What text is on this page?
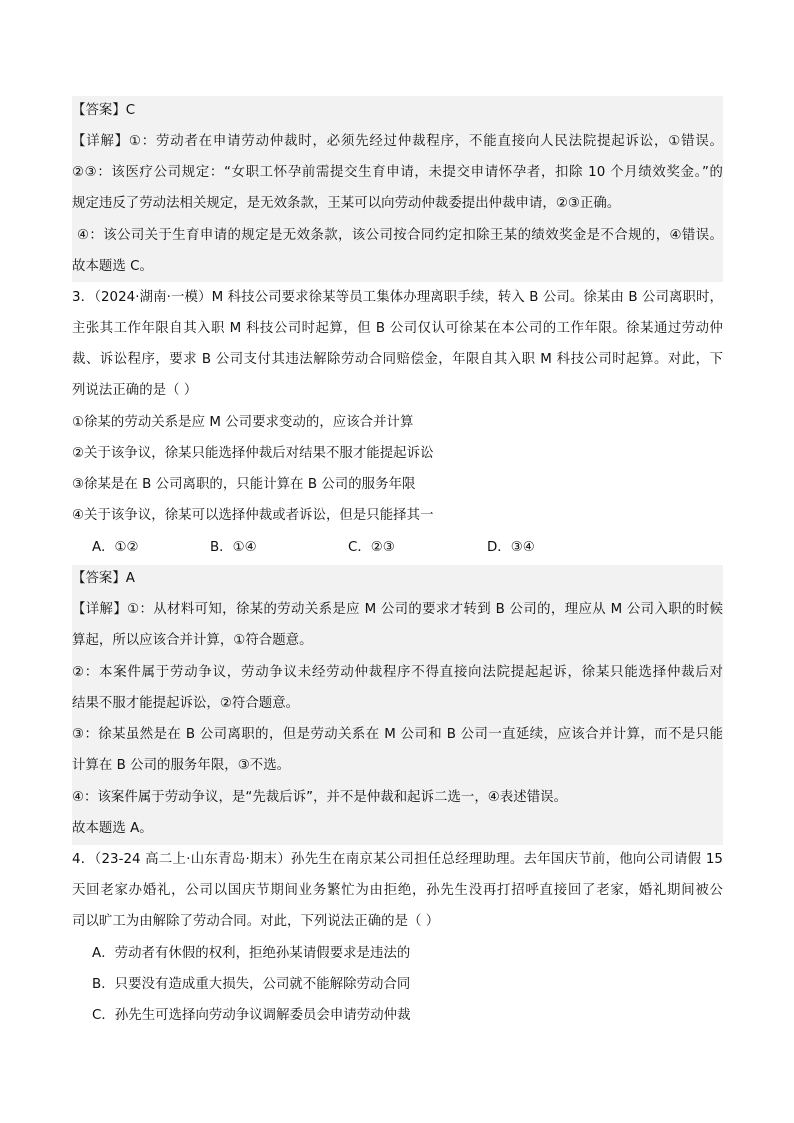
【答案】C
【详解】①：劳动者在申请劳动仲裁时，必须先经过仲裁程序，不能直接向人民法院提起诉讼，①错误。
②③：该医疗公司规定：“女职工怀孕前需提交生育申请，未提交申请怀孕者，扣除 10 个月绩效奖金。”的
规定违反了劳动法相关规定，是无效条款，王某可以向劳动仲裁委提出仲裁申请，②③正确。
④：该公司关于生育申请的规定是无效条款，该公司按合同约定扣除王某的绩效奖金是不合规的，④错误。
故本题选 C。
3．（2024·湖南·一模）M 科技公司要求徐某等员工集体办理离职手续，转入 B 公司。徐某由 B 公司离职时，
主张其工作年限自其入职 M 科技公司时起算，但 B 公司仅认可徐某在本公司的工作年限。徐某通过劳动仲
裁、诉讼程序，要求 B 公司支付其违法解除劳动合同赔偿金，年限自其入职 M 科技公司时起算。对此，下
列说法正确的是（ ）
①徐某的劳动关系是应 M 公司要求变动的，应该合并计算
②关于该争议，徐某只能选择仲裁后对结果不服才能提起诉讼
③徐某是在 B 公司离职的，只能计算在 B 公司的服务年限
④关于该争议，徐某可以选择仲裁或者诉讼，但是只能择其一
A．①②	B．①④	C．②③	D．③④
【答案】A
【详解】①：从材料可知，徐某的劳动关系是应 M 公司的要求才转到 B 公司的，理应从 M 公司入职的时候
算起，所以应该合并计算，①符合题意。
②：本案件属于劳动争议，劳动争议未经劳动仲裁程序不得直接向法院提起起诉，徐某只能选择仲裁后对
结果不服才能提起诉讼，②符合题意。
③：徐某虽然是在 B 公司离职的，但是劳动关系在 M 公司和 B 公司一直延续，应该合并计算，而不是只能
计算在 B 公司的服务年限，③不选。
④：该案件属于劳动争议，是“先裁后诉”，并不是仲裁和起诉二选一，④表述错误。
故本题选 A。
4．（23-24 高二上·山东青岛·期末）孙先生在南京某公司担任总经理助理。去年国庆节前，他向公司请假 15
天回老家办婚礼，公司以国庆节期间业务繁忙为由拒绝，孙先生没再打招呼直接回了老家，婚礼期间被公
司以旷工为由解除了劳动合同。对此，下列说法正确的是（ ）
A．劳动者有休假的权利，拒绝孙某请假要求是违法的
B．只要没有造成重大损失，公司就不能解除劳动合同
C．孙先生可选择向劳动争议调解委员会申请劳动仲裁
